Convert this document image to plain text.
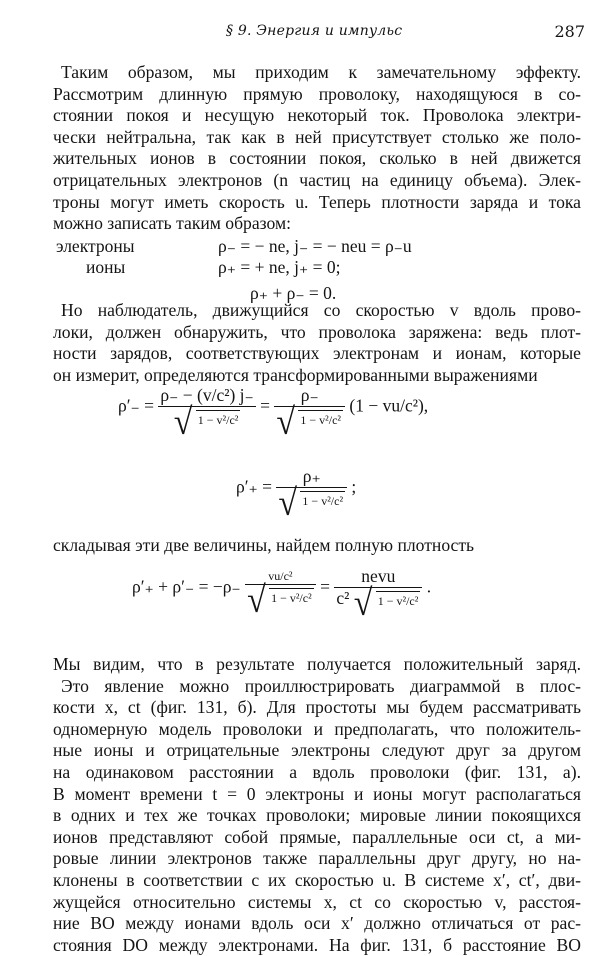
§ 9. Энергия и импульс	287
Таким образом, мы приходим к замечательному эффекту.
Рассмотрим длинную прямую проволоку, находящуюся в со-
стоянии покоя и несущую некоторый ток. Проволока электри-
чески нейтральна, так как в ней присутствует столько же поло-
жительных ионов в состоянии покоя, сколько в ней движется
отрицательных электронов (n частиц на единицу объема). Элек-
троны могут иметь скорость u. Теперь плотности заряда и тока
можно записать таким образом:
электроны	ρ₋ = − ne, j₋ = − neu = ρ₋u
ионы	ρ₊ = + ne, j₊ = 0;
ρ₊ + ρ₋ = 0.
Но наблюдатель, движущийся со скоростью v вдоль прово-
локи, должен обнаружить, что проволока заряжена: ведь плот-
ности зарядов, соответствующих электронам и ионам, которые
он измерит, определяются трансформированными выражениями
$\rho'_- = \frac{\text{ρ₋ − (v/c²) j₋}}{\text{√ 1 − v²/c²}} = \frac{\rho_-}{\text{√ 1 − v²/c²}} (1 - vu/c^2)$,
$\rho'_+ = \frac{\rho_+}{\text{√ 1 − v²/c²}}$ ;
складывая эти две величины, найдем полную плотность
$\rho'_+ + \rho'_- = -\rho_- \frac{\text{vu/c²}}{\text{√ 1 − v²/c²}} = \frac{\text{nevu}}{\text{c² √ 1 − v²/c²}}$ .
Мы видим, что в результате получается положительный заряд.
Это явление можно проиллюстрировать диаграммой в плос-
кости x, ct (фиг. 131, б). Для простоты мы будем рассматривать
одномерную модель проволоки и предполагать, что положитель-
ные ионы и отрицательные электроны следуют друг за другом
на одинаковом расстоянии a вдоль проволоки (фиг. 131, а).
В момент времени t = 0 электроны и ионы могут располагаться
в одних и тех же точках проволоки; мировые линии покоящихся
ионов представляют собой прямые, параллельные оси ct, а ми-
ровые линии электронов также параллельны друг другу, но на-
клонены в соответствии с их скоростью u. В системе x′, ct′, дви-
жущейся относительно системы x, ct со скоростью v, расстоя-
ние BO между ионами вдоль оси x′ должно отличаться от рас-
стояния DO между электронами. На фиг. 131, б расстояние BO
